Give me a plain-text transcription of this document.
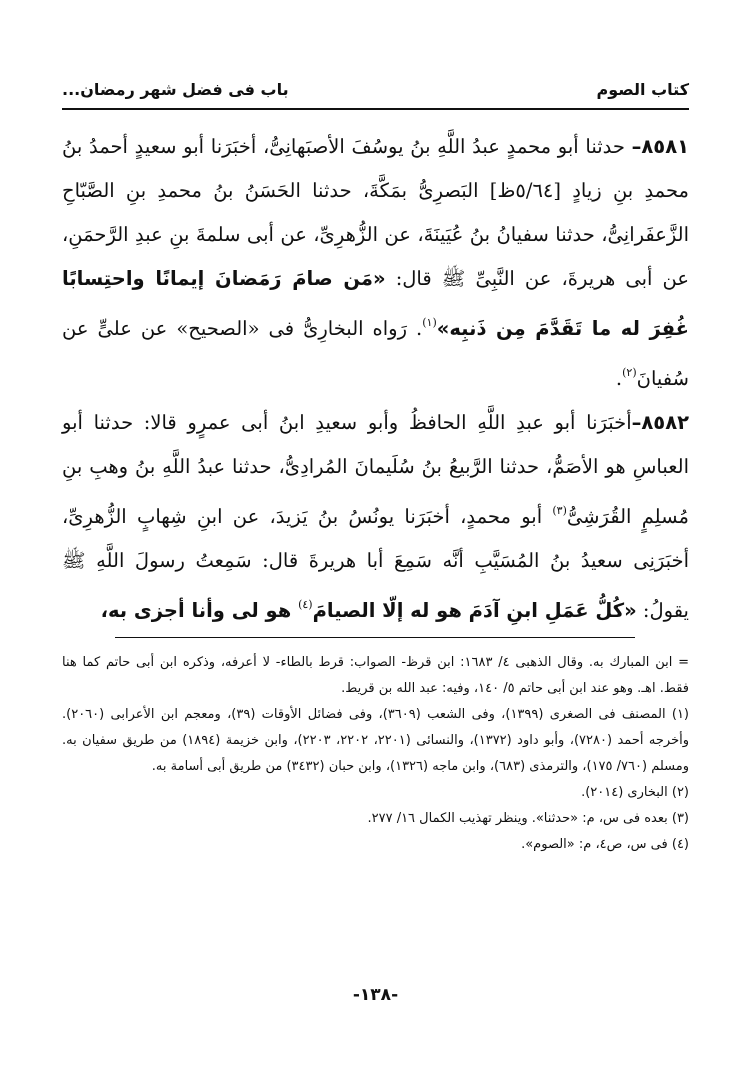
كتاب الصوم
باب فى فضل شهر رمضان...

٨٥٨١– حدثنا أبو محمدٍ عبدُ اللَّهِ بنُ يوسُفَ الأصبَهانِىُّ، أخبَرَنا أبو سعيدٍ أحمدُ بنُ محمدِ بنِ زيادٍ [٥/٦٤ظ] البَصرِىُّ بمَكَّةَ، حدثنا الحَسَنُ بنُ محمدِ بنِ الصَّبّاحِ الزَّعفَرانِىُّ، حدثنا سفيانُ بنُ عُيَينَةَ، عن الزُّهرِىِّ، عن أبى سلمةَ بنِ عبدِ الرَّحمَنِ، عن أبى هريرةَ، عن النَّبِىِّ ﷺ قال: «مَن صامَ رَمَضانَ إيمانًا واحتِسابًا غُفِرَ له ما تَقَدَّمَ مِن ذَنبِه»$^{(١)}$. رَواه البخارِىُّ فى «الصحيح» عن علىٍّ عن سُفيانَ$^{(٢)}$.

٨٥٨٢–أخبَرَنا أبو عبدِ اللَّهِ الحافظُ وأبو سعيدِ ابنُ أبى عمرٍو قالا: حدثنا أبو العباسِ هو الأصَمُّ، حدثنا الرَّبيعُ بنُ سُلَيمانَ المُرادِىُّ، حدثنا عبدُ اللَّهِ بنُ وهبِ بنِ مُسلِمٍ القُرَشِىُّ$^{(٣)}$ أبو محمدٍ، أخبَرَنا يونُسُ بنُ يَزيدَ، عن ابنِ شِهابٍ الزُّهرِىِّ، أخبَرَنِى سعيدُ بنُ المُسَيَّبِ أنَّه سَمِعَ أبا هريرةَ قال: سَمِعتُ رسولَ اللَّهِ ﷺ يقولُ: «كُلُّ عَمَلِ ابنِ آدَمَ هو له إلّا الصيامَ$^{(٤)}$ هو لى وأنا أجزى به،

= ابن المبارك به. وقال الذهبى ٤/ ١٦٨٣: ابن قرظ- الصواب: قرط بالطاء- لا أعرفه، وذكره ابن أبى حاتم كما هنا فقط. اهـ. وهو عند ابن أبى حاتم ٥/ ١٤٠، وفيه: عبد الله بن قريط.

(١) المصنف فى الصغرى (١٣٩٩)، وفى الشعب (٣٦٠٩)، وفى فضائل الأوقات (٣٩)، ومعجم ابن الأعرابى (٢٠٦٠). وأخرجه أحمد (٧٢٨٠)، وأبو داود (١٣٧٢)، والنسائى (٢٢٠١، ٢٢٠٢، ٢٢٠٣)، وابن خزيمة (١٨٩٤) من طريق سفيان به. ومسلم (٧٦٠/ ١٧٥)، والترمذى (٦٨٣)، وابن ماجه (١٣٢٦)، وابن حبان (٣٤٣٢) من طريق أبى أسامة به.

(٢) البخارى (٢٠١٤).

(٣) بعده فى س، م: «حدثنا». وينظر تهذيب الكمال ١٦/ ٢٧٧.

(٤) فى س، ص٤، م: «الصوم».

-١٣٨-
